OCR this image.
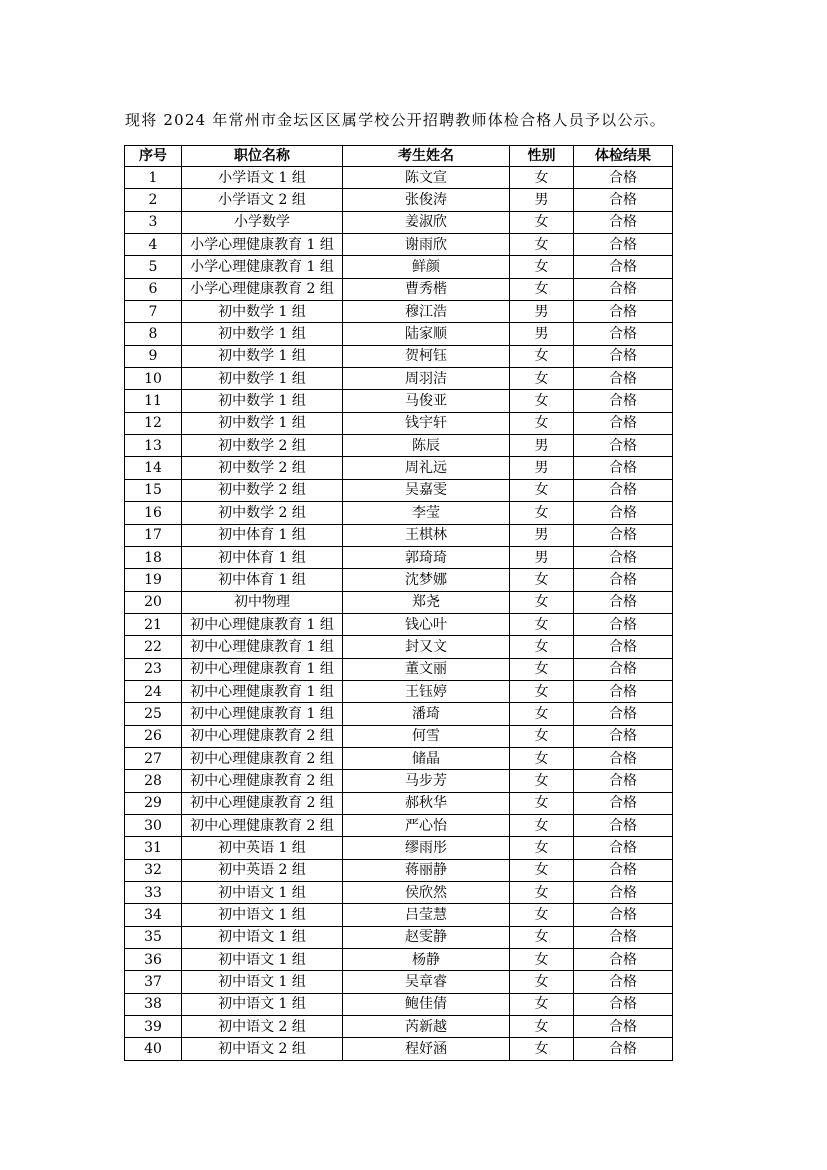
现将 2024 年常州市金坛区区属学校公开招聘教师体检合格人员予以公示。

序号	职位名称	考生姓名	性别	体检结果
1	小学语文 1 组	陈文宣	女	合格
2	小学语文 2 组	张俊涛	男	合格
3	小学数学	姜淑欣	女	合格
4	小学心理健康教育 1 组	谢雨欣	女	合格
5	小学心理健康教育 1 组	鲜颜	女	合格
6	小学心理健康教育 2 组	曹秀楷	女	合格
7	初中数学 1 组	穆江浩	男	合格
8	初中数学 1 组	陆家顺	男	合格
9	初中数学 1 组	贺柯钰	女	合格
10	初中数学 1 组	周羽洁	女	合格
11	初中数学 1 组	马俊亚	女	合格
12	初中数学 1 组	钱宇轩	女	合格
13	初中数学 2 组	陈辰	男	合格
14	初中数学 2 组	周礼远	男	合格
15	初中数学 2 组	吴嘉雯	女	合格
16	初中数学 2 组	李莹	女	合格
17	初中体育 1 组	王棋林	男	合格
18	初中体育 1 组	郭琦琦	男	合格
19	初中体育 1 组	沈梦娜	女	合格
20	初中物理	郑尧	女	合格
21	初中心理健康教育 1 组	钱心叶	女	合格
22	初中心理健康教育 1 组	封又文	女	合格
23	初中心理健康教育 1 组	董文丽	女	合格
24	初中心理健康教育 1 组	王钰婷	女	合格
25	初中心理健康教育 1 组	潘琦	女	合格
26	初中心理健康教育 2 组	何雪	女	合格
27	初中心理健康教育 2 组	储晶	女	合格
28	初中心理健康教育 2 组	马步芳	女	合格
29	初中心理健康教育 2 组	郝秋华	女	合格
30	初中心理健康教育 2 组	严心怡	女	合格
31	初中英语 1 组	缪雨彤	女	合格
32	初中英语 2 组	蒋丽静	女	合格
33	初中语文 1 组	侯欣然	女	合格
34	初中语文 1 组	吕莹慧	女	合格
35	初中语文 1 组	赵雯静	女	合格
36	初中语文 1 组	杨静	女	合格
37	初中语文 1 组	吴章睿	女	合格
38	初中语文 1 组	鲍佳倩	女	合格
39	初中语文 2 组	芮新越	女	合格
40	初中语文 2 组	程妤涵	女	合格
